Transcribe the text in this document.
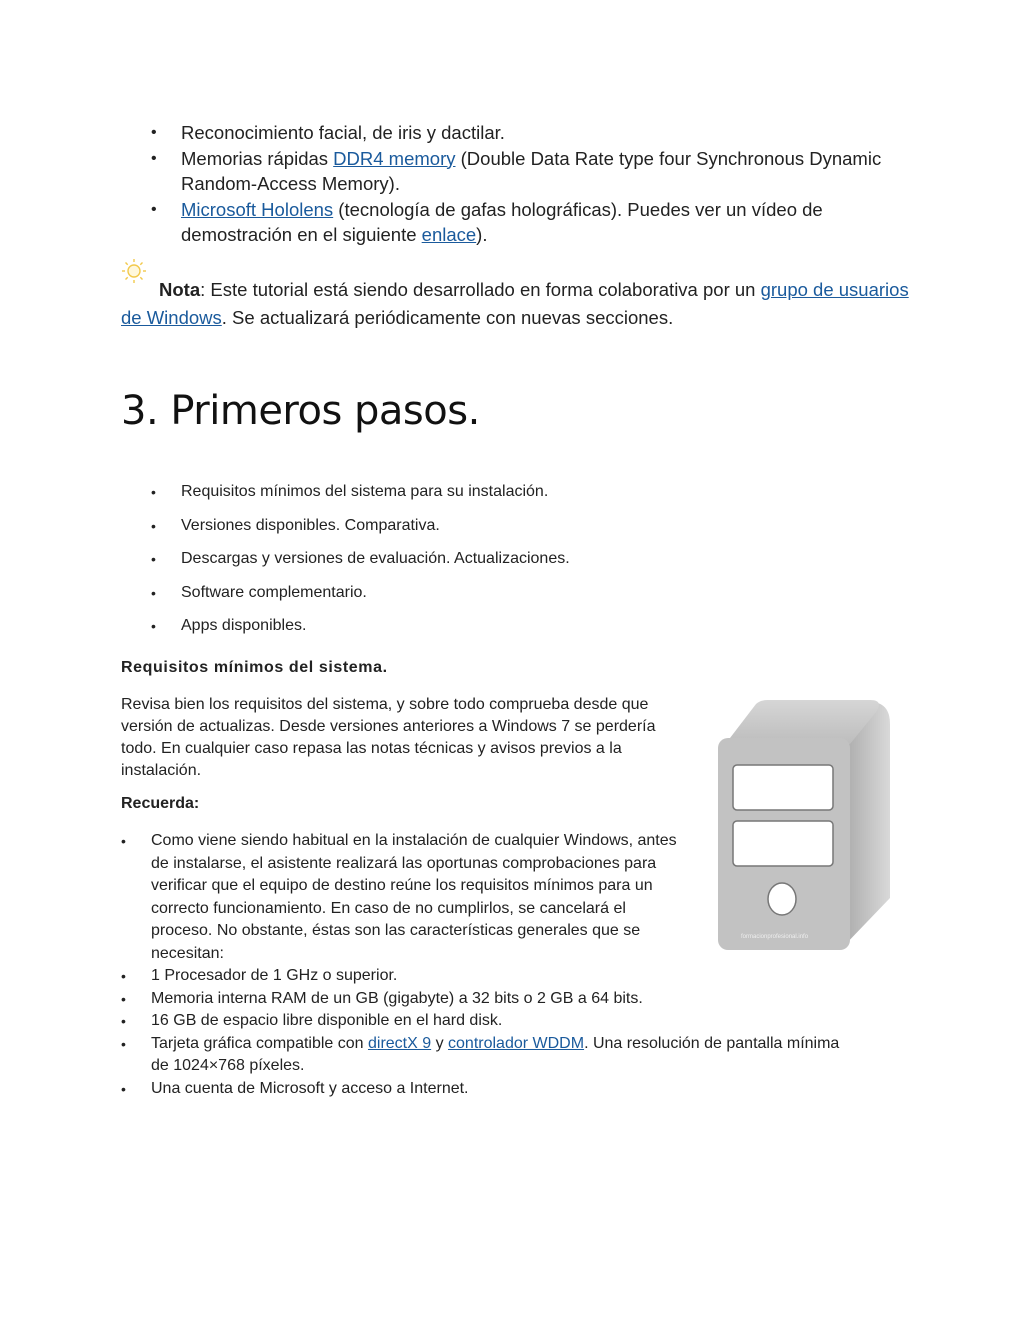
• Reconocimiento facial, de iris y dactilar.
• Memorias rápidas DDR4 memory (Double Data Rate type four Synchronous Dynamic Random-Access Memory).
• Microsoft Hololens (tecnología de gafas holográficas). Puedes ver un vídeo de demostración en el siguiente enlace).
Nota: Este tutorial está siendo desarrollado en forma colaborativa por un grupo de usuarios de Windows. Se actualizará periódicamente con nuevas secciones.
3. Primeros pasos.
• Requisitos mínimos del sistema para su instalación.
• Versiones disponibles. Comparativa.
• Descargas y versiones de evaluación. Actualizaciones.
• Software complementario.
• Apps disponibles.
Requisitos mínimos del sistema.
Revisa bien los requisitos del sistema, y sobre todo comprueba desde que versión de actualizas. Desde versiones anteriores a Windows 7 se perdería todo. En cualquier caso repasa las notas técnicas y avisos previos a la instalación.
Recuerda:
• Como viene siendo habitual en la instalación de cualquier Windows, antes de instalarse, el asistente realizará las oportunas comprobaciones para verificar que el equipo de destino reúne los requisitos mínimos para un correcto funcionamiento. En caso de no cumplirlos, se cancelará el proceso. No obstante, éstas son las características generales que se necesitan:
• 1 Procesador de 1 GHz o superior.
• Memoria interna RAM de un GB (gigabyte) a 32 bits o 2 GB a 64 bits.
• 16 GB de espacio libre disponible en el hard disk.
• Tarjeta gráfica compatible con directX 9 y controlador WDDM. Una resolución de pantalla mínima de 1024×768 píxeles.
• Una cuenta de Microsoft y acceso a Internet.
formacionprofesional.info
